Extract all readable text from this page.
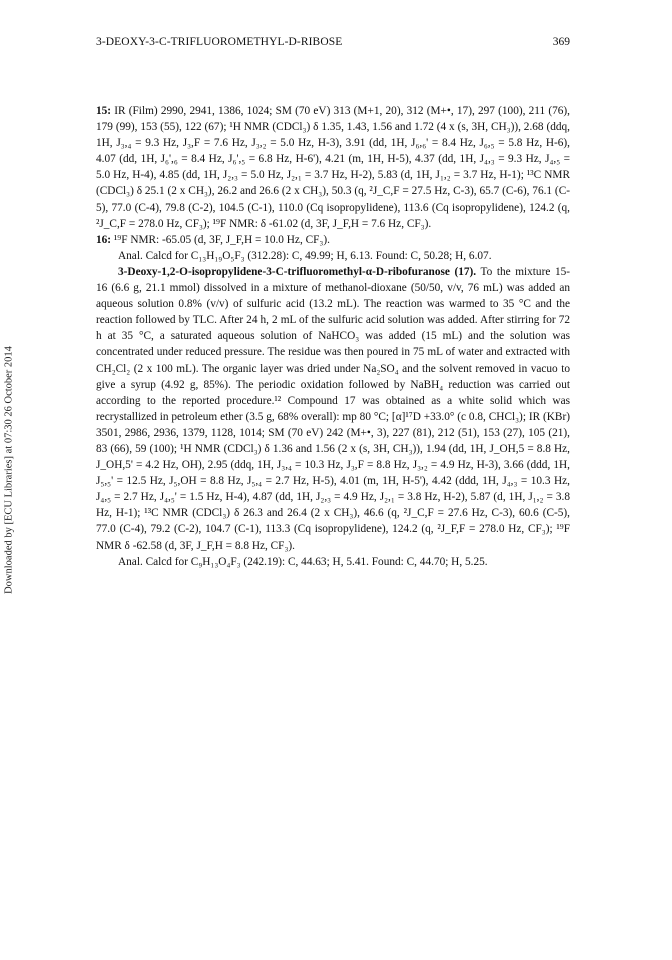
3-DEOXY-3-C-TRIFLUOROMETHYL-D-RIBOSE	369
Downloaded by [ECU Libraries] at 07:30 26 October 2014

15: IR (Film) 2990, 2941, 1386, 1024; SM (70 eV) 313 (M+1, 20), 312 (M+•, 17), 297 (100), 211 (76), 179 (99), 153 (55), 122 (67); ¹H NMR (CDCl₃) δ 1.35, 1.43, 1.56 and 1.72 (4 x (s, 3H, CH₃)), 2.68 (ddq, 1H, J₃,₄ = 9.3 Hz, J₃,F = 7.6 Hz, J₃,₂ = 5.0 Hz, H-3), 3.91 (dd, 1H, J₆,₆' = 8.4 Hz, J₆,₅ = 5.8 Hz, H-6), 4.07 (dd, 1H, J₆',₆ = 8.4 Hz, J₆',₅ = 6.8 Hz, H-6'), 4.21 (m, 1H, H-5), 4.37 (dd, 1H, J₄,₃ = 9.3 Hz, J₄,₅ = 5.0 Hz, H-4), 4.85 (dd, 1H, J₂,₃ = 5.0 Hz, J₂,₁ = 3.7 Hz, H-2), 5.83 (d, 1H, J₁,₂ = 3.7 Hz, H-1); ¹³C NMR (CDCl₃) δ 25.1 (2 x CH₃), 26.2 and 26.6 (2 x CH₃), 50.3 (q, ²J_C,F = 27.5 Hz, C-3), 65.7 (C-6), 76.1 (C-5), 77.0 (C-4), 79.8 (C-2), 104.5 (C-1), 110.0 (Cq isopropylidene), 113.6 (Cq isopropylidene), 124.2 (q, ²J_C,F = 278.0 Hz, CF₃); ¹⁹F NMR: δ -61.02 (d, 3F, J_F,H = 7.6 Hz, CF₃).

16: ¹⁹F NMR: -65.05 (d, 3F, J_F,H = 10.0 Hz, CF₃).

Anal. Calcd for C₁₃H₁₉O₅F₃ (312.28): C, 49.99; H, 6.13. Found: C, 50.28; H, 6.07.

3-Deoxy-1,2-O-isopropylidene-3-C-trifluoromethyl-α-D-ribofuranose (17). To the mixture 15-16 (6.6 g, 21.1 mmol) dissolved in a mixture of methanol-dioxane (50/50, v/v, 76 mL) was added an aqueous solution 0.8% (v/v) of sulfuric acid (13.2 mL). The reaction was warmed to 35 °C and the reaction followed by TLC. After 24 h, 2 mL of the sulfuric acid solution was added. After stirring for 72 h at 35 °C, a saturated aqueous solution of NaHCO₃ was added (15 mL) and the solution was concentrated under reduced pressure. The residue was then poured in 75 mL of water and extracted with CH₂Cl₂ (2 x 100 mL). The organic layer was dried under Na₂SO₄ and the solvent removed in vacuo to give a syrup (4.92 g, 85%). The periodic oxidation followed by NaBH₄ reduction was carried out according to the reported procedure.¹² Compound 17 was obtained as a white solid which was recrystallized in petroleum ether (3.5 g, 68% overall): mp 80 °C; [α]¹⁷D +33.0° (c 0.8, CHCl₃); IR (KBr) 3501, 2986, 2936, 1379, 1128, 1014; SM (70 eV) 242 (M+•, 3), 227 (81), 212 (51), 153 (27), 105 (21), 83 (66), 59 (100); ¹H NMR (CDCl₃) δ 1.36 and 1.56 (2 x (s, 3H, CH₃)), 1.94 (dd, 1H, J_OH,5 = 8.8 Hz, J_OH,5' = 4.2 Hz, OH), 2.95 (ddq, 1H, J₃,₄ = 10.3 Hz, J₃,F = 8.8 Hz, J₃,₂ = 4.9 Hz, H-3), 3.66 (ddd, 1H, J₅,₅' = 12.5 Hz, J₅,OH = 8.8 Hz, J₅,₄ = 2.7 Hz, H-5), 4.01 (m, 1H, H-5'), 4.42 (ddd, 1H, J₄,₃ = 10.3 Hz, J₄,₅ = 2.7 Hz, J₄,₅' = 1.5 Hz, H-4), 4.87 (dd, 1H, J₂,₃ = 4.9 Hz, J₂,₁ = 3.8 Hz, H-2), 5.87 (d, 1H, J₁,₂ = 3.8 Hz, H-1); ¹³C NMR (CDCl₃) δ 26.3 and 26.4 (2 x CH₃), 46.6 (q, ²J_C,F = 27.6 Hz, C-3), 60.6 (C-5), 77.0 (C-4), 79.2 (C-2), 104.7 (C-1), 113.3 (Cq isopropylidene), 124.2 (q, ²J_F,F = 278.0 Hz, CF₃); ¹⁹F NMR δ -62.58 (d, 3F, J_F,H = 8.8 Hz, CF₃).

Anal. Calcd for C₉H₁₃O₄F₃ (242.19): C, 44.63; H, 5.41. Found: C, 44.70; H, 5.25.
